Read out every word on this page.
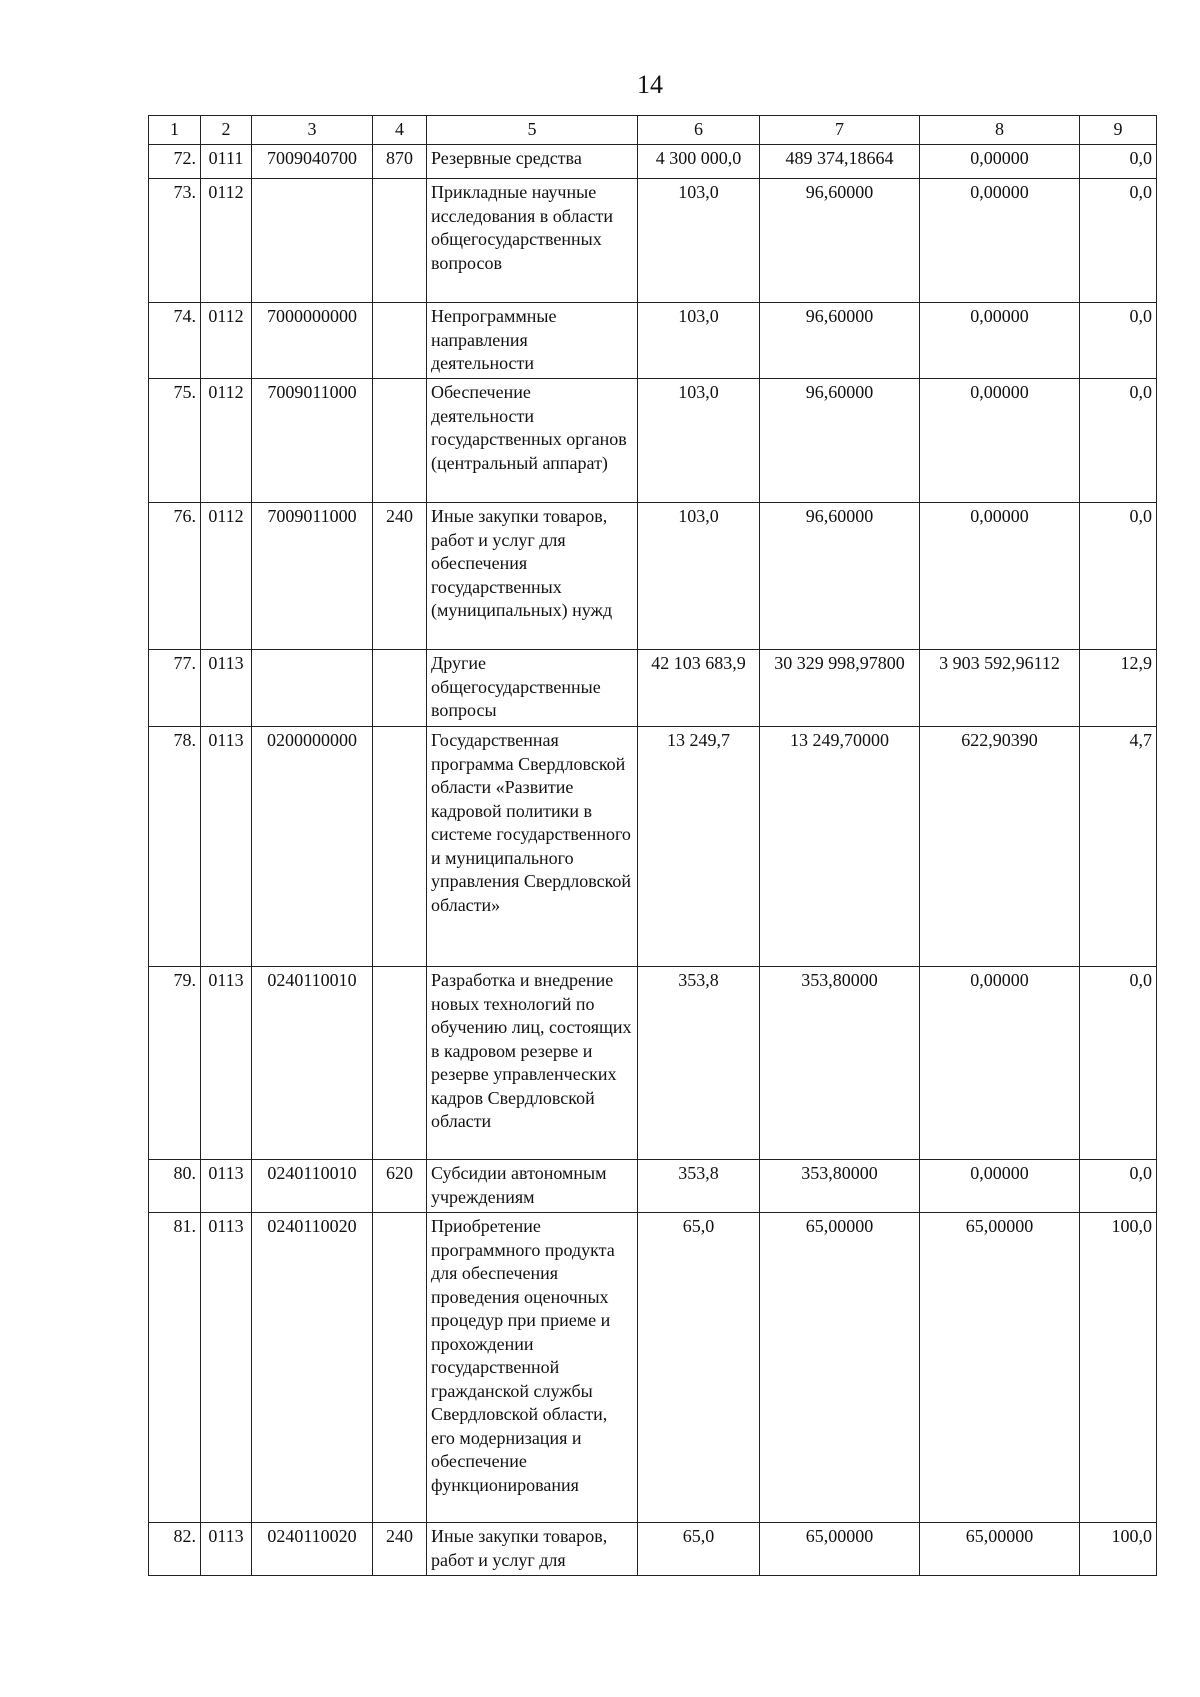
14
1	2	3	4	5	6	7	8	9
72.	0111	7009040700	870	Резервные средства	4 300 000,0	489 374,18664	0,00000	0,0
73.	0112			Прикладные научные исследования в области общегосударственных вопросов	103,0	96,60000	0,00000	0,0
74.	0112	7000000000		Непрограммные направления деятельности	103,0	96,60000	0,00000	0,0
75.	0112	7009011000		Обеспечение деятельности государственных органов (центральный аппарат)	103,0	96,60000	0,00000	0,0
76.	0112	7009011000	240	Иные закупки товаров, работ и услуг для обеспечения государственных (муниципальных) нужд	103,0	96,60000	0,00000	0,0
77.	0113			Другие общегосударственные вопросы	42 103 683,9	30 329 998,97800	3 903 592,96112	12,9
78.	0113	0200000000		Государственная программа Свердловской области «Развитие кадровой политики в системе государственного и муниципального управления Свердловской области»	13 249,7	13 249,70000	622,90390	4,7
79.	0113	0240110010		Разработка и внедрение новых технологий по обучению лиц, состоящих в кадровом резерве и резерве управленческих кадров Свердловской области	353,8	353,80000	0,00000	0,0
80.	0113	0240110010	620	Субсидии автономным учреждениям	353,8	353,80000	0,00000	0,0
81.	0113	0240110020		Приобретение программного продукта для обеспечения проведения оценочных процедур при приеме и прохождении государственной гражданской службы Свердловской области, его модернизация и обеспечение функционирования	65,0	65,00000	65,00000	100,0
82.	0113	0240110020	240	Иные закупки товаров, работ и услуг для	65,0	65,00000	65,00000	100,0
